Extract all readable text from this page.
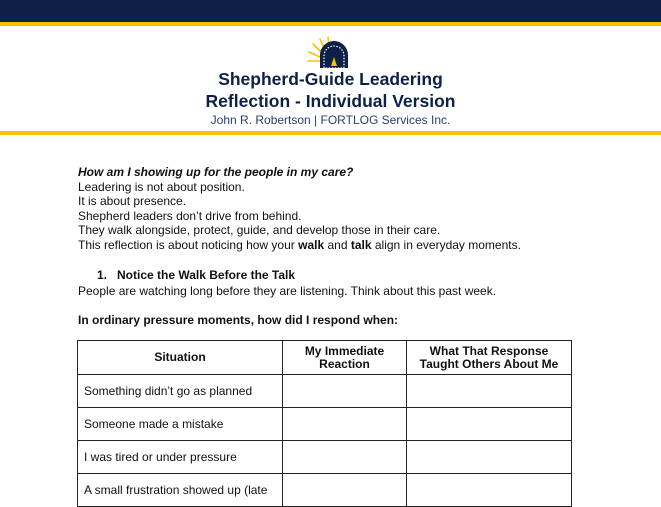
Shepherd-Guide Leadering
Reflection - Individual Version
John R. Robertson | FORTLOG Services Inc.
How am I showing up for the people in my care?
Leadering is not about position.
It is about presence.
Shepherd leaders don’t drive from behind.
They walk alongside, protect, guide, and develop those in their care.
This reflection is about noticing how your walk and talk align in everyday moments.
1. Notice the Walk Before the Talk
People are watching long before they are listening. Think about this past week.
In ordinary pressure moments, how did I respond when:
Situation	My Immediate Reaction	What That Response Taught Others About Me
Something didn’t go as planned		
Someone made a mistake		
I was tired or under pressure		
A small frustration showed up (late		
